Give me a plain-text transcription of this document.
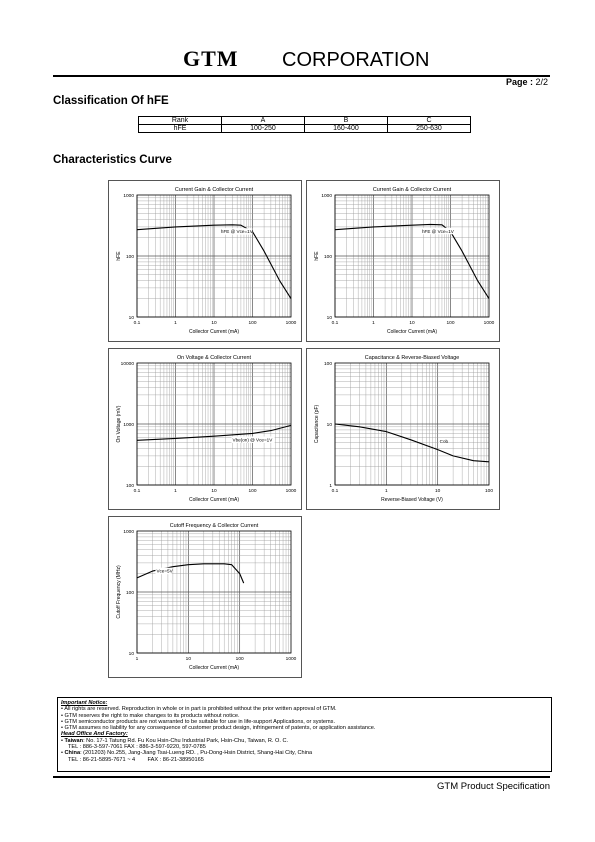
GTM CORPORATION
Page : 2/2
Classification Of hFE
Rank	A	B	C
hFE	100-250	160-400	250-630
Characteristics Curve
0.1	1	10	100	1000
1000
100
10
Current Gain & Collector Current
Collector Current (mA)
hFE
hFE @ Vce=1V
0.1	1	10	100	1000
1000
100
10
Current Gain & Collector Current
Collector Current (mA)
hFE
hFE @ Vce=1V
0.1	1	10	100	1000
10000
1000
100
On Voltage & Collector Current
Collector Current (mA)
On Voltage (mV)	Vbe(on) @ Vce=1V
0.1	1	10	100
100
10
1
Capacitance & Reverse-Biased Voltage
Reverse-Biased Voltage (V)
Capacitance (pF)	Cob
1	10	100	1000
1000
100
10
Cutoff Frequency & Collector Current
Collector Current (mA)
Cutoff Frequency (MHz)	Vce=5V
Important Notice:
• All rights are reserved. Reproduction in whole or in part is prohibited without the prior written approval of GTM.
• GTM reserves the right to make changes to its products without notice.
• GTM semiconductor products are not warranted to be suitable for use in life-support Applications, or systems.
• GTM assumes no liability for any consequence of customer product design, infringement of patents, or application assistance.
Head Office And Factory:
• Taiwan: No. 17-1 Tatung Rd. Fu Kou Hsin-Chu Industrial Park, Hsin-Chu, Taiwan, R. O. C.
TEL : 886-3-597-7061 FAX : 886-3-597-9220, 597-0785
• China: (201203) No.255, Jang-Jiang Tsai-Lueng RD. , Pu-Dong-Hsin District, Shang-Hai City, China
TEL : 86-21-5895-7671 ~ 4        FAX : 86-21-38950165
GTM Product Specification
